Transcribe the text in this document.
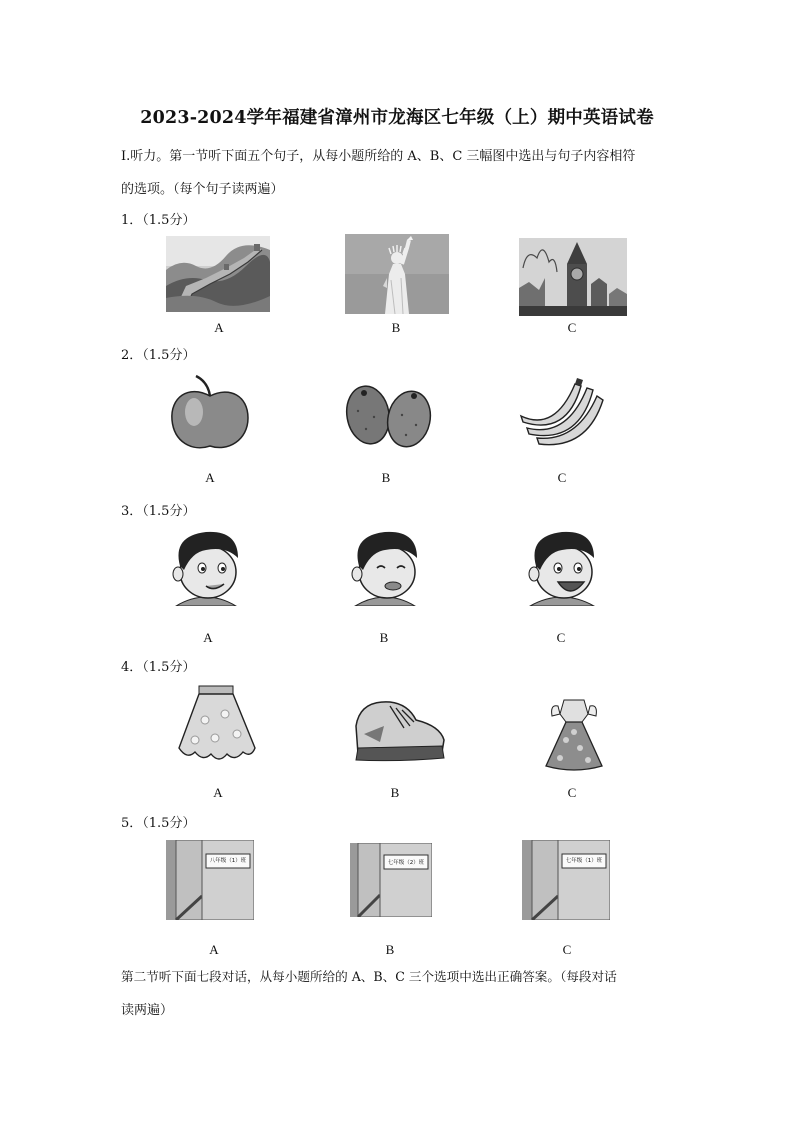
2023-2024学年福建省漳州市龙海区七年级（上）期中英语试卷
Ⅰ.听力。第一节听下面五个句子，从每小题所给的 A、B、C 三幅图中选出与句子内容相符
的选项。（每个句子读两遍）
1．（1.5分）
A	B	C
2．（1.5分）
A	B	C
3．（1.5分）
A	B	C
4．（1.5分）
A	B	C
5．（1.5分）
八年级（1）班	七年级（2）班	七年级（1）班
A	B	C
第二节听下面七段对话，从每小题所给的 A、B、C 三个选项中选出正确答案。（每段对话
读两遍）
